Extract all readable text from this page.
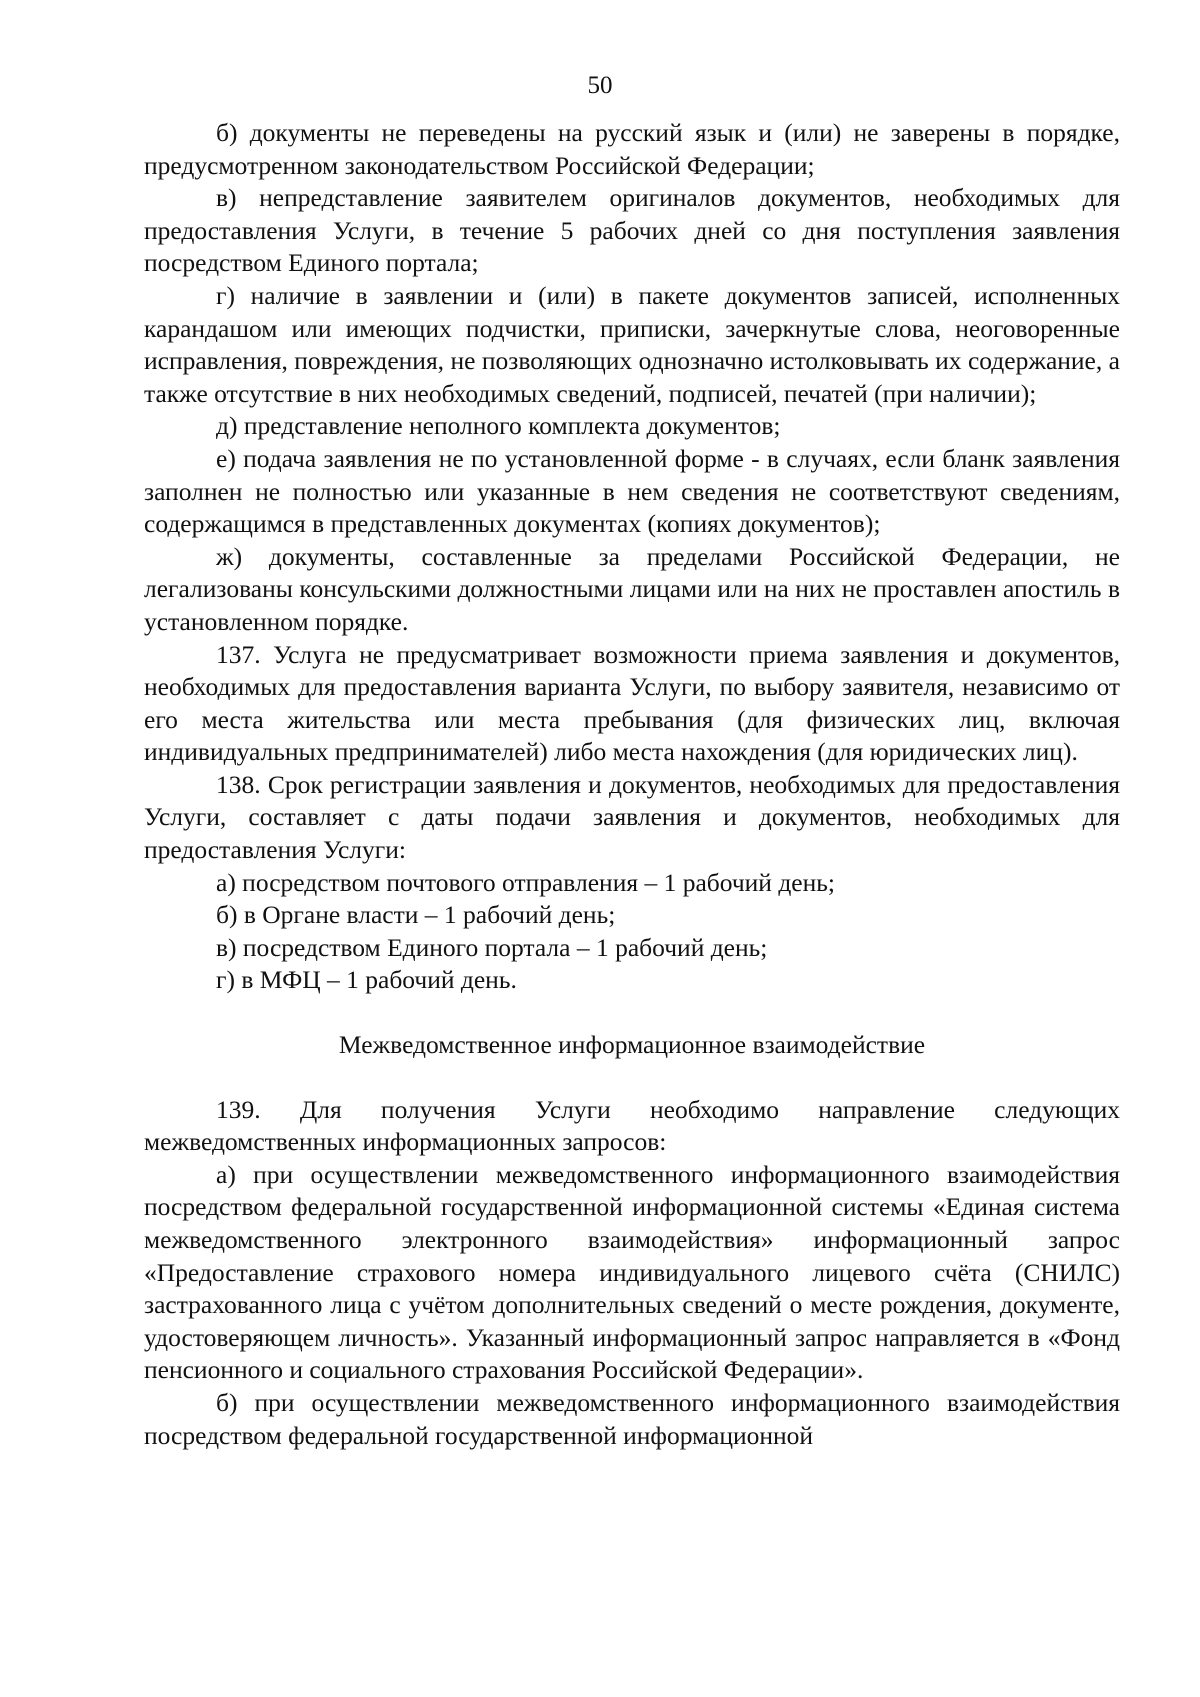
50

б) документы не переведены на русский язык и (или) не заверены в порядке, предусмотренном законодательством Российской Федерации;

в) непредставление заявителем оригиналов документов, необходимых для предоставления Услуги, в течение 5 рабочих дней со дня поступления заявления посредством Единого портала;

г) наличие в заявлении и (или) в пакете документов записей, исполненных карандашом или имеющих подчистки, приписки, зачеркнутые слова, неоговоренные исправления, повреждения, не позволяющих однозначно истолковывать их содержание, а также отсутствие в них необходимых сведений, подписей, печатей (при наличии);

д) представление неполного комплекта документов;

е) подача заявления не по установленной форме - в случаях, если бланк заявления заполнен не полностью или указанные в нем сведения не соответствуют сведениям, содержащимся в представленных документах (копиях документов);

ж) документы, составленные за пределами Российской Федерации, не легализованы консульскими должностными лицами или на них не проставлен апостиль в установленном порядке.

137. Услуга не предусматривает возможности приема заявления и документов, необходимых для предоставления варианта Услуги, по выбору заявителя, независимо от его места жительства или места пребывания (для физических лиц, включая индивидуальных предпринимателей) либо места нахождения (для юридических лиц).

138. Срок регистрации заявления и документов, необходимых для предоставления Услуги, составляет с даты подачи заявления и документов, необходимых для предоставления Услуги:

а) посредством почтового отправления – 1 рабочий день;

б) в Органе власти – 1 рабочий день;

в) посредством Единого портала – 1 рабочий день;

г) в МФЦ – 1 рабочий день.

Межведомственное информационное взаимодействие

139. Для получения Услуги необходимо направление следующих межведомственных информационных запросов:

а) при осуществлении межведомственного информационного взаимодействия посредством федеральной государственной информационной системы «Единая система межведомственного электронного взаимодействия» информационный запрос «Предоставление страхового номера индивидуального лицевого счёта (СНИЛС) застрахованного лица с учётом дополнительных сведений о месте рождения, документе, удостоверяющем личность». Указанный информационный запрос направляется в «Фонд пенсионного и социального страхования Российской Федерации».

б) при осуществлении межведомственного информационного взаимодействия посредством федеральной государственной информационной
